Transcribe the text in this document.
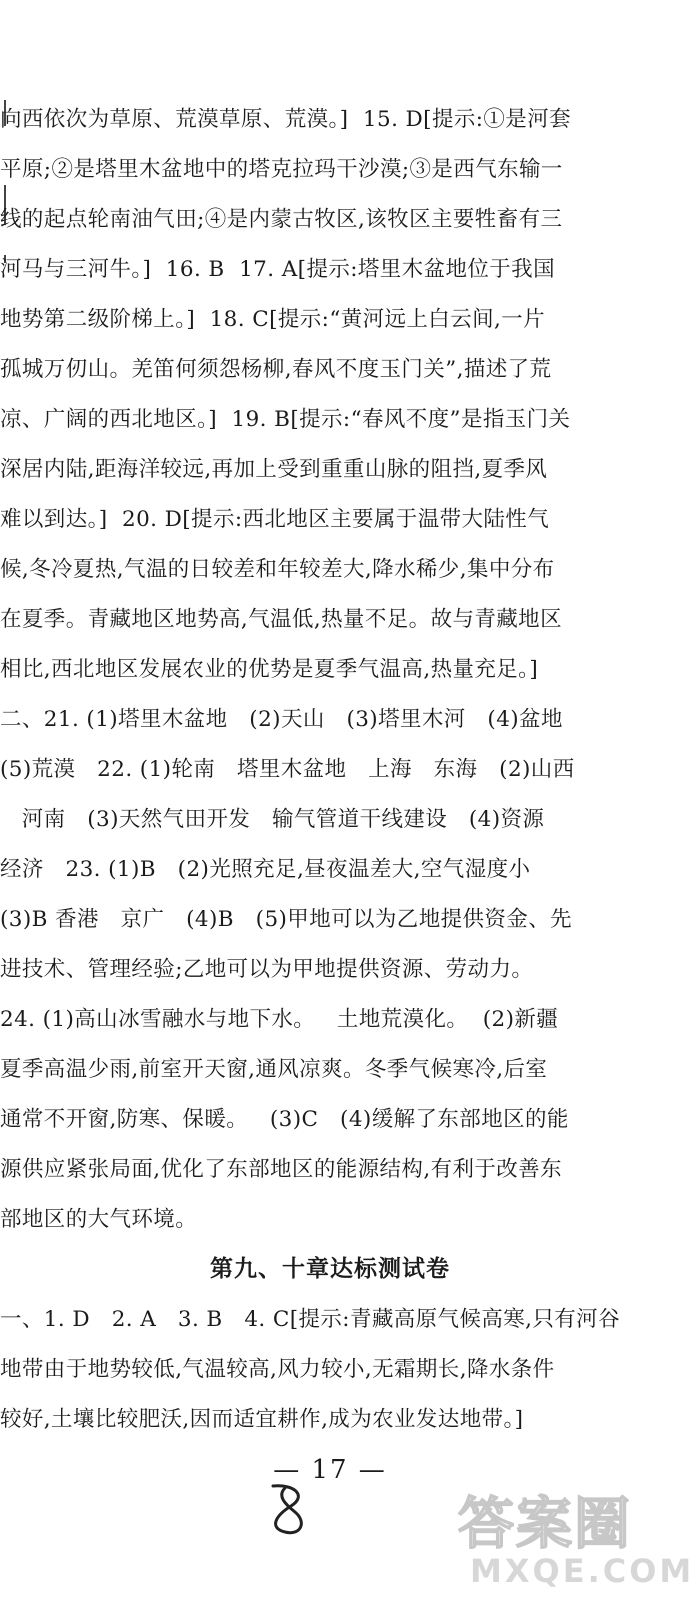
向西依次为草原、荒漠草原、荒漠。]  15. D[提示:①是河套
平原;②是塔里木盆地中的塔克拉玛干沙漠;③是西气东输一
线的起点轮南油气田;④是内蒙古牧区,该牧区主要牲畜有三
河马与三河牛。]  16. B  17. A[提示:塔里木盆地位于我国
地势第二级阶梯上。]  18. C[提示:“黄河远上白云间,一片
孤城万仞山。羌笛何须怨杨柳,春风不度玉门关”,描述了荒
凉、广阔的西北地区。]  19. B[提示:“春风不度”是指玉门关
深居内陆,距海洋较远,再加上受到重重山脉的阻挡,夏季风
难以到达。]  20. D[提示:西北地区主要属于温带大陆性气
候,冬冷夏热,气温的日较差和年较差大,降水稀少,集中分布
在夏季。青藏地区地势高,气温低,热量不足。故与青藏地区
相比,西北地区发展农业的优势是夏季气温高,热量充足。]
二、21. (1)塔里木盆地   (2)天山   (3)塔里木河   (4)盆地
(5)荒漠   22. (1)轮南   塔里木盆地   上海   东海   (2)山西
河南   (3)天然气田开发   输气管道干线建设   (4)资源
经济   23. (1)B   (2)光照充足,昼夜温差大,空气湿度小
(3)B 香港   京广   (4)B   (5)甲地可以为乙地提供资金、先
进技术、管理经验;乙地可以为甲地提供资源、劳动力。
24. (1)高山冰雪融水与地下水。   土地荒漠化。  (2)新疆
夏季高温少雨,前室开天窗,通风凉爽。冬季气候寒冷,后室
通常不开窗,防寒、保暖。   (3)C   (4)缓解了东部地区的能
源供应紧张局面,优化了东部地区的能源结构,有利于改善东
部地区的大气环境。
第九、十章达标测试卷
一、1. D   2. A   3. B   4. C[提示:青藏高原气候高寒,只有河谷
地带由于地势较低,气温较高,风力较小,无霜期长,降水条件
较好,土壤比较肥沃,因而适宜耕作,成为农业发达地带。]
— 17 —
答案圈
MXQE.COM
